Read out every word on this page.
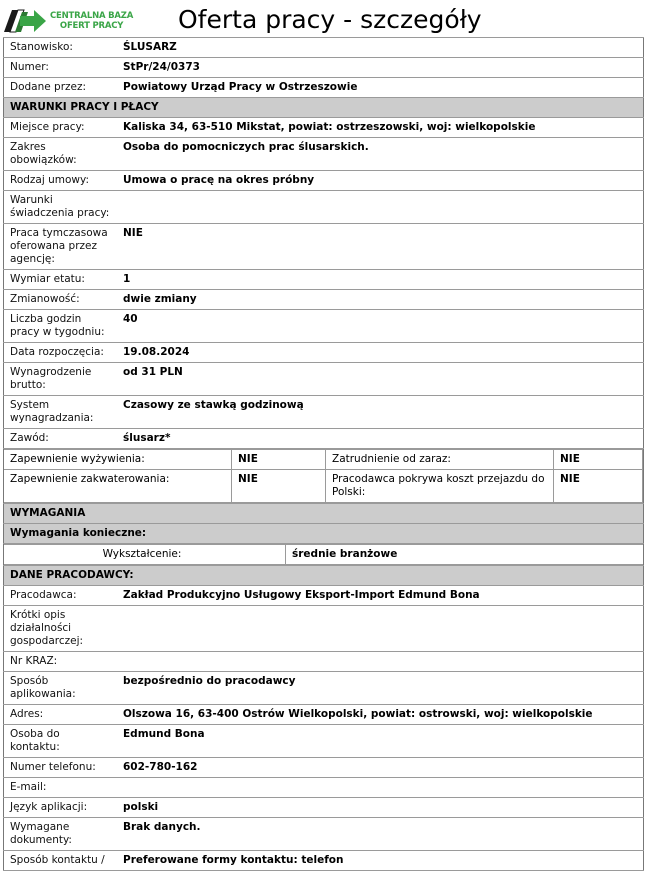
CENTRALNA BAZA
OFERT PRACY	Oferta pracy - szczegóły
Stanowisko:	ŚLUSARZ
Numer:	StPr/24/0373
Dodane przez:	Powiatowy Urząd Pracy w Ostrzeszowie
WARUNKI PRACY I PŁACY
Miejsce pracy:	Kaliska 34, 63-510 Mikstat, powiat: ostrzeszowski, woj: wielkopolskie
Zakres obowiązków:	Osoba do pomocniczych prac ślusarskich.
Rodzaj umowy:	Umowa o pracę na okres próbny
Warunki świadczenia pracy:	
Praca tymczasowa oferowana przez agencję:	NIE
Wymiar etatu:	1
Zmianowość:	dwie zmiany
Liczba godzin pracy w tygodniu:	40
Data rozpoczęcia:	19.08.2024
Wynagrodzenie brutto:	od 31 PLN
System wynagradzania:	Czasowy ze stawką godzinową
Zawód:	ślusarz*

Zapewnienie wyżywienia:	NIE	Zatrudnienie od zaraz:	NIE
Zapewnienie zakwaterowania:	NIE	Pracodawca pokrywa koszt przejazdu do Polski:	NIE

WYMAGANIA
Wymagania konieczne:

Wykształcenie:	średnie branżowe

DANE PRACODAWCY:
Pracodawca:	Zakład Produkcyjno Usługowy Eksport-Import Edmund Bona
Krótki opis działalności gospodarczej:	
Nr KRAZ:	
Sposób aplikowania:	bezpośrednio do pracodawcy
Adres:	Olszowa 16, 63-400 Ostrów Wielkopolski, powiat: ostrowski, woj: wielkopolskie
Osoba do kontaktu:	Edmund Bona
Numer telefonu:	602-780-162
E-mail:	
Język aplikacji:	polski
Wymagane dokumenty:	Brak danych.
Sposób kontaktu /	Preferowane formy kontaktu: telefon
